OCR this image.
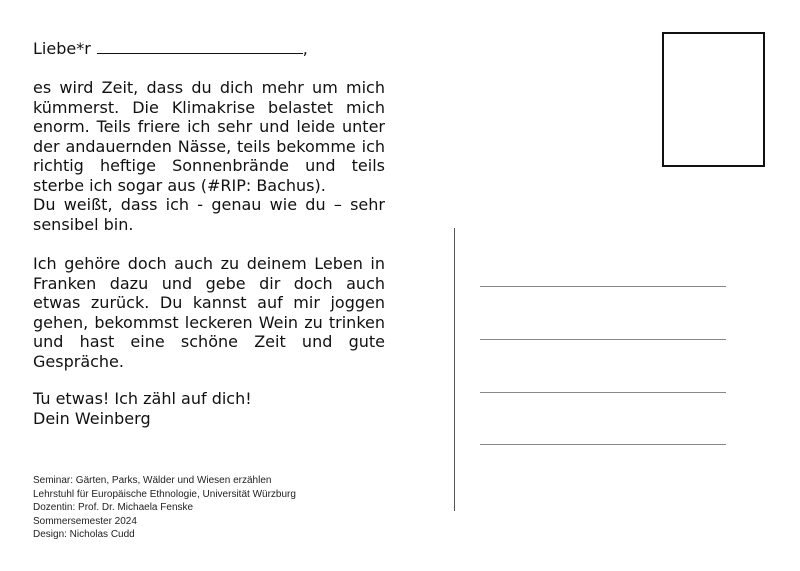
Liebe*r	,

es wird Zeit, dass du dich mehr um mich kümmerst. Die Klimakrise belastet mich enorm. Teils friere ich sehr und leide unter der andauernden Nässe, teils bekomme ich richtig heftige Sonnenbrände und teils sterbe ich sogar aus (#RIP: Bachus).

Du weißt, dass ich - genau wie du – sehr sensibel bin.

Ich gehöre doch auch zu deinem Leben in Franken dazu und gebe dir doch auch etwas zurück. Du kannst auf mir joggen gehen, bekommst leckeren Wein zu trinken und hast eine schöne Zeit und gute Gespräche.

Tu etwas! Ich zähl auf dich!

Dein Weinberg

Seminar: Gärten, Parks, Wälder und Wiesen erzählen
Lehrstuhl für Europäische Ethnologie, Universität Würzburg
Dozentin: Prof. Dr. Michaela Fenske
Sommersemester 2024
Design: Nicholas Cudd
